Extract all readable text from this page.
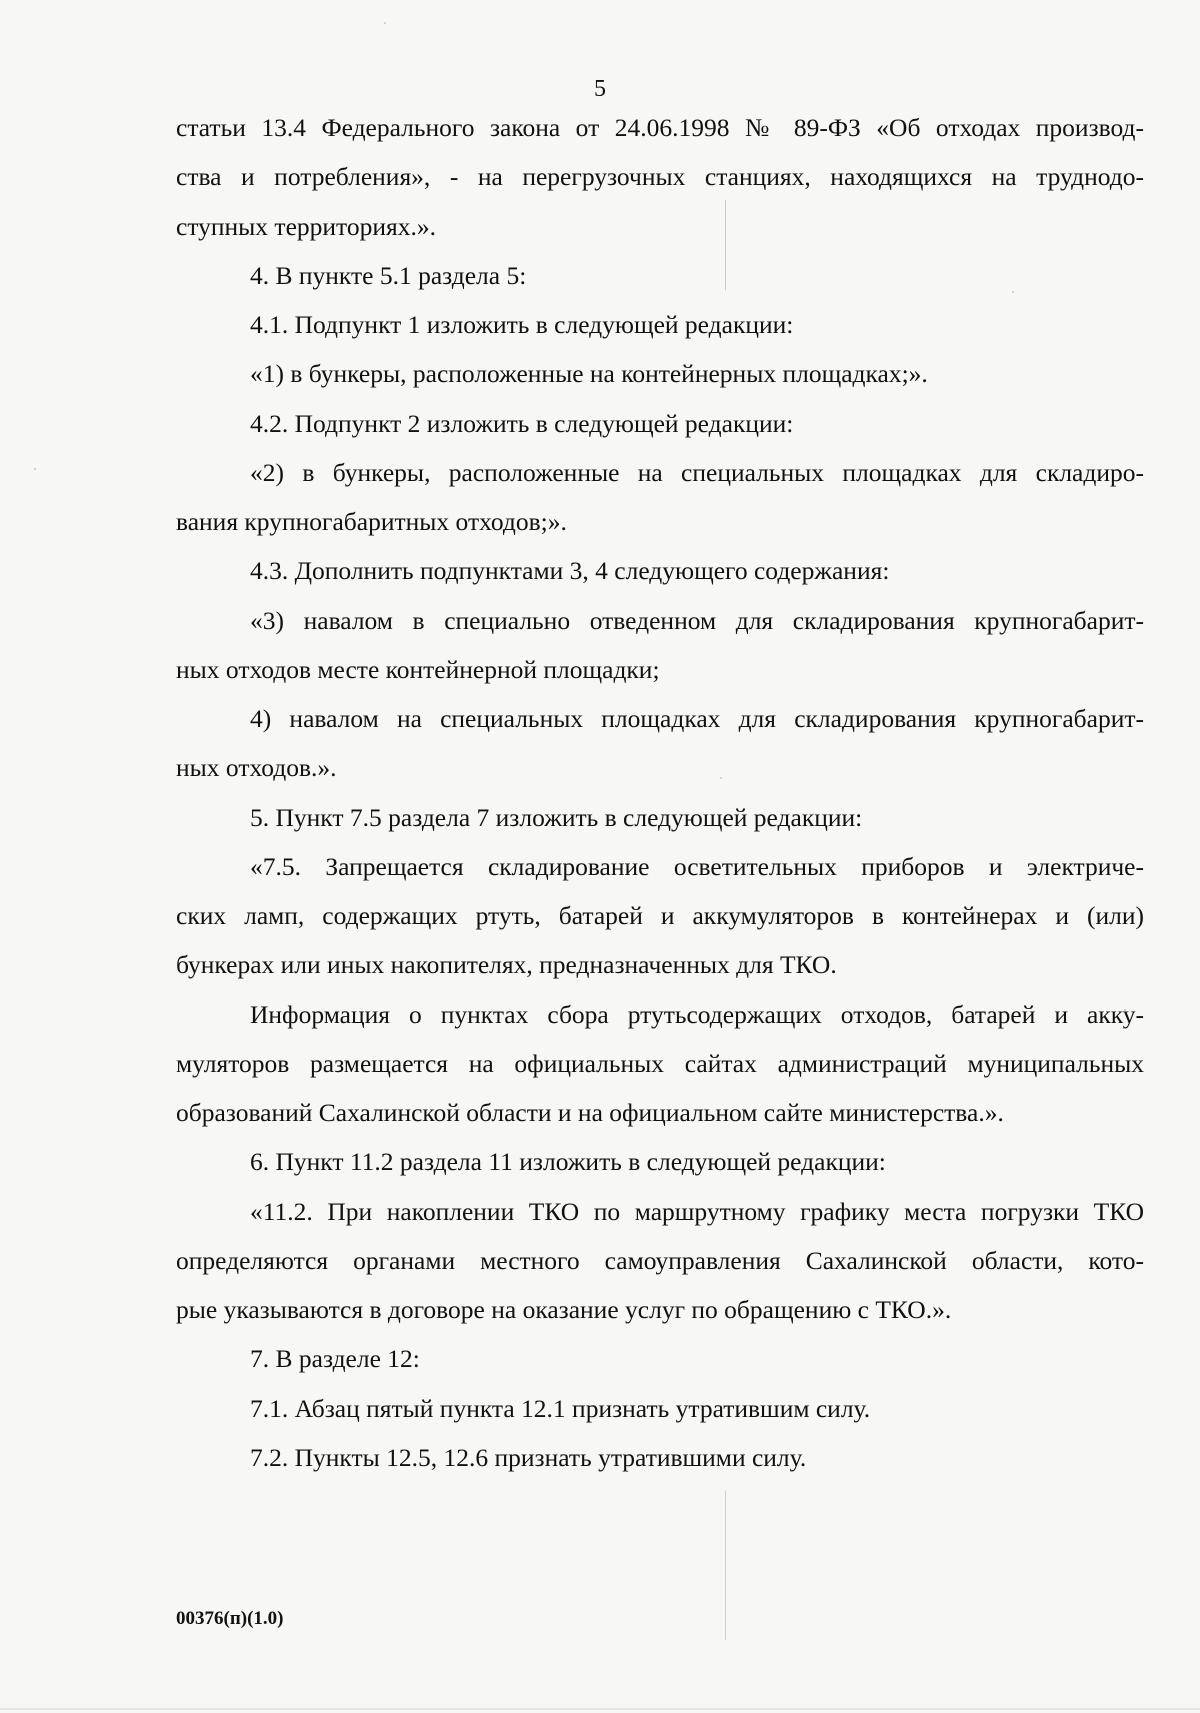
5
статьи 13.4 Федерального закона от 24.06.1998 № 89-ФЗ «Об отходах производ-
ства и потребления», - на перегрузочных станциях, находящихся на труднодо-
ступных территориях.».
4. В пункте 5.1 раздела 5:
4.1. Подпункт 1 изложить в следующей редакции:
«1) в бункеры, расположенные на контейнерных площадках;».
4.2. Подпункт 2 изложить в следующей редакции:
«2) в бункеры, расположенные на специальных площадках для складиро-
вания крупногабаритных отходов;».
4.3. Дополнить подпунктами 3, 4 следующего содержания:
«3) навалом в специально отведенном для складирования крупногабарит-
ных отходов месте контейнерной площадки;
4) навалом на специальных площадках для складирования крупногабарит-
ных отходов.».
5. Пункт 7.5 раздела 7 изложить в следующей редакции:
«7.5. Запрещается складирование осветительных приборов и электриче-
ских ламп, содержащих ртуть, батарей и аккумуляторов в контейнерах и (или)
бункерах или иных накопителях, предназначенных для ТКО.
Информация о пунктах сбора ртутьсодержащих отходов, батарей и акку-
муляторов размещается на официальных сайтах администраций муниципальных
образований Сахалинской области и на официальном сайте министерства.».
6. Пункт 11.2 раздела 11 изложить в следующей редакции:
«11.2. При накоплении ТКО по маршрутному графику места погрузки ТКО
определяются органами местного самоуправления Сахалинской области, кото-
рые указываются в договоре на оказание услуг по обращению с ТКО.».
7. В разделе 12:
7.1. Абзац пятый пункта 12.1 признать утратившим силу.
7.2. Пункты 12.5, 12.6 признать утратившими силу.
00376(п)(1.0)
